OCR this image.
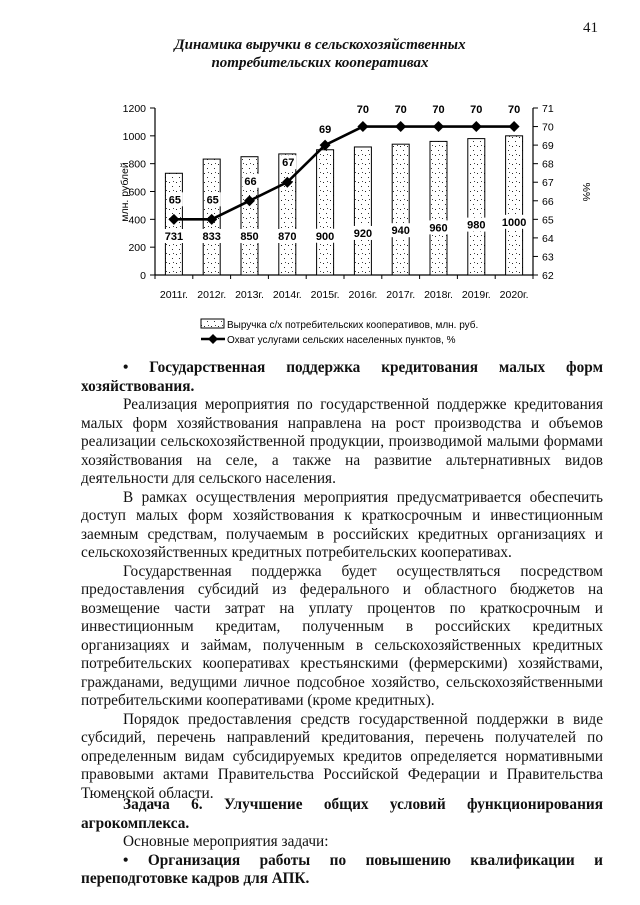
41
Динамика выручки в сельскохозяйственных
потребительских кооперативах
0
200
400
600
800
1000
1200
62
63
64
65
66
67
68
69
70
71
млн. рублей	%%
731 833 850 870 900 920 940 960 980 1000
65 65
66
67
69
70 70 70 70 70
2011г. 2012г. 2013г. 2014г. 2015г. 2016г. 2017г. 2018г. 2019г. 2020г.
Выручка с/х потребительских кооперативов, млн. руб.
Охват услугами сельских населенных пунктов, %

• Государственная поддержка кредитования малых форм хозяйствования.

Реализация мероприятия по государственной поддержке кредитования малых форм хозяйствования направлена на рост производства и объемов реализации сельскохозяйственной продукции, производимой малыми формами хозяйствования на селе, а также на развитие альтернативных видов деятельности для сельского населения.

В рамках осуществления мероприятия предусматривается обеспечить доступ малых форм хозяйствования к краткосрочным и инвестиционным заемным средствам, получаемым в российских кредитных организациях и сельскохозяйственных кредитных потребительских кооперативах.

Государственная поддержка будет осуществляться посредством предоставления субсидий из федерального и областного бюджетов на возмещение части затрат на уплату процентов по краткосрочным и инвестиционным кредитам, полученным в российских кредитных организациях и займам, полученным в сельскохозяйственных кредитных потребительских кооперативах крестьянскими (фермерскими) хозяйствами, гражданами, ведущими личное подсобное хозяйство, сельскохозяйственными потребительскими кооперативами (кроме кредитных).

Порядок предоставления средств государственной поддержки в виде субсидий, перечень направлений кредитования, перечень получателей по определенным видам субсидируемых кредитов определяется нормативными правовыми актами Правительства Российской Федерации и Правительства Тюменской области.

Задача 6. Улучшение общих условий функционирования агрокомплекса.

Основные мероприятия задачи:

• Организация работы по повышению квалификации и переподготовке кадров для АПК.
